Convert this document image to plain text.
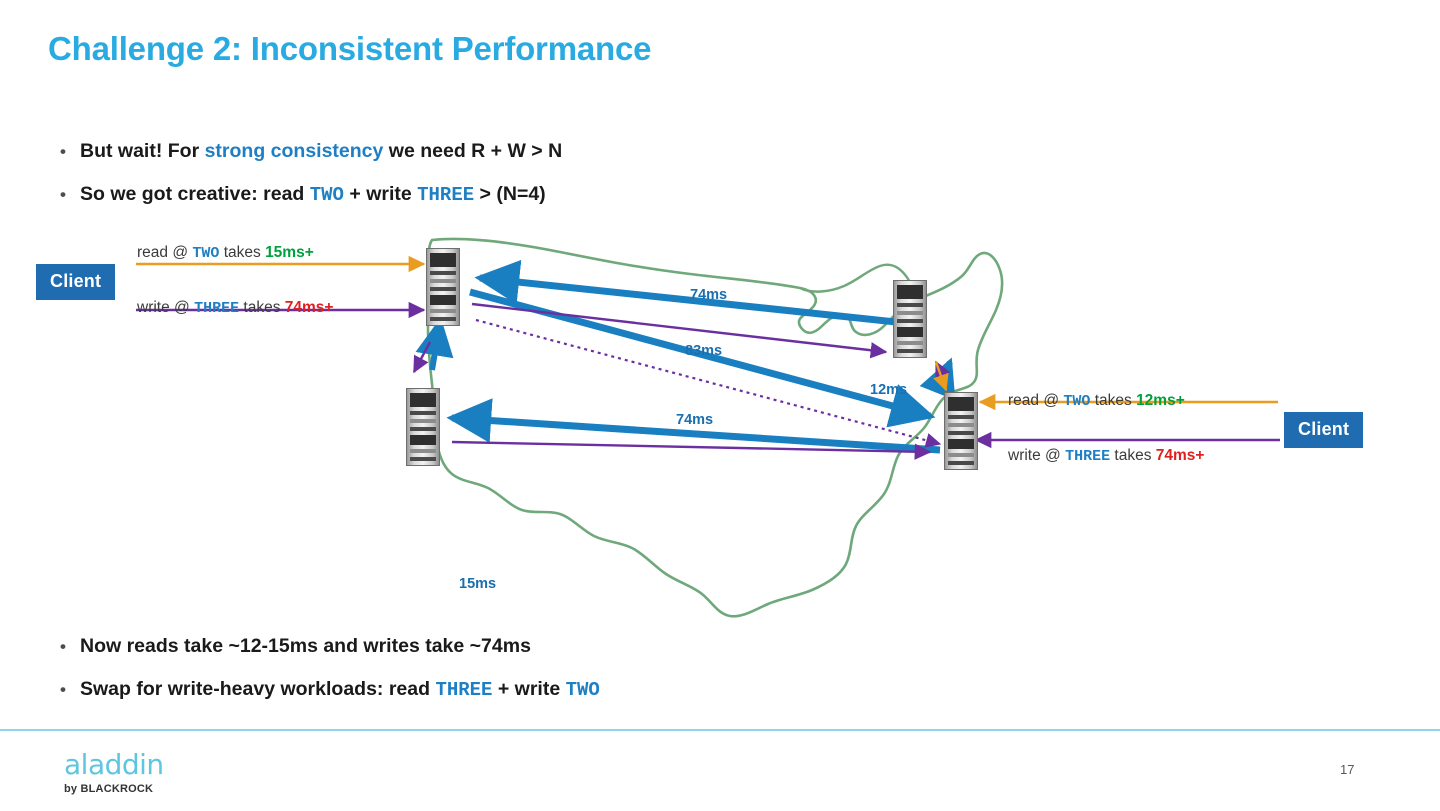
Challenge 2: Inconsistent Performance
• But wait! For strong consistency we need R + W > N
• So we got creative: read TWO + write THREE > (N=4)
Client
Client
read @ TWO takes 15ms+
write @ THREE takes 74ms+
read @ TWO takes 12ms+
write @ THREE takes 74ms+
74ms
83ms
15ms
74ms
12ms
• Now reads take ~12-15ms and writes take ~74ms
• Swap for write-heavy workloads: read THREE + write TWO
aladdin
by BLACKROCK
17
